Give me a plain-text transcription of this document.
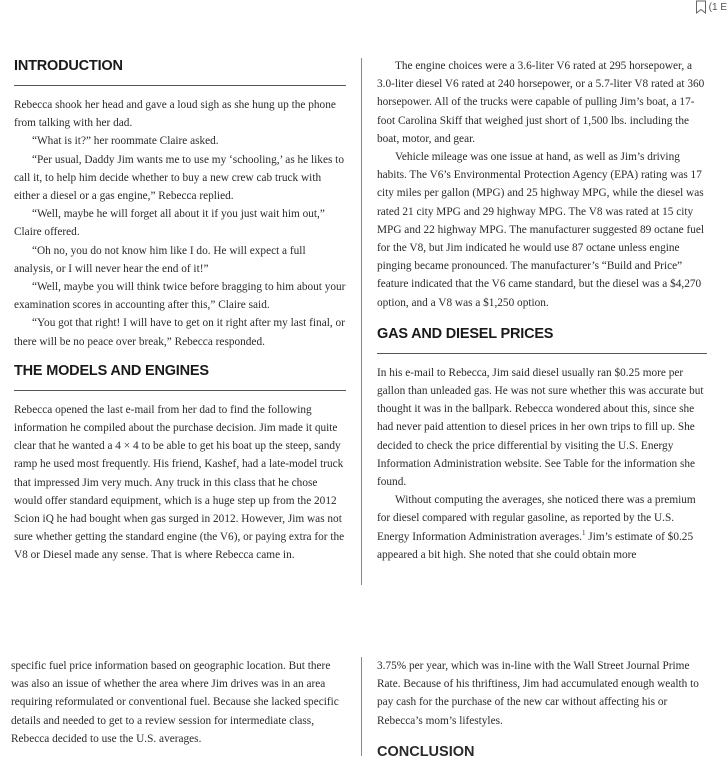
(1 E
INTRODUCTION

Rebecca shook her head and gave a loud sigh as she hung up the phone from talking with her dad.

“What is it?” her roommate Claire asked.

“Per usual, Daddy Jim wants me to use my ‘schooling,’ as he likes to call it, to help him decide whether to buy a new crew cab truck with either a diesel or a gas engine,” Rebecca replied.

“Well, maybe he will forget all about it if you just wait him out,” Claire offered.

“Oh no, you do not know him like I do. He will expect a full analysis, or I will never hear the end of it!”

“Well, maybe you will think twice before bragging to him about your examination scores in accounting after this,” Claire said.

“You got that right! I will have to get on it right after my last final, or there will be no peace over break,” Rebecca responded.

THE MODELS AND ENGINES

Rebecca opened the last e-mail from her dad to find the following information he compiled about the purchase decision. Jim made it quite clear that he wanted a 4 × 4 to be able to get his boat up the steep, sandy ramp he used most frequently. His friend, Kashef, had a late-model truck that impressed Jim very much. Any truck in this class that he chose would offer standard equipment, which is a huge step up from the 2012 Scion iQ he had bought when gas surged in 2012. However, Jim was not sure whether getting the standard engine (the V6), or paying extra for the V8 or Diesel made any sense. That is where Rebecca came in.

The engine choices were a 3.6-liter V6 rated at 295 horsepower, a 3.0-liter diesel V6 rated at 240 horsepower, or a 5.7-liter V8 rated at 360 horsepower. All of the trucks were capable of pulling Jim’s boat, a 17-foot Carolina Skiff that weighed just short of 1,500 lbs. including the boat, motor, and gear.

Vehicle mileage was one issue at hand, as well as Jim’s driving habits. The V6’s Environmental Protection Agency (EPA) rating was 17 city miles per gallon (MPG) and 25 highway MPG, while the diesel was rated 21 city MPG and 29 highway MPG. The V8 was rated at 15 city MPG and 22 highway MPG. The manufacturer suggested 89 octane fuel for the V8, but Jim indicated he would use 87 octane unless engine pinging became pronounced. The manufacturer’s “Build and Price” feature indicated that the V6 came standard, but the diesel was a $4,270 option, and a V8 was a $1,250 option.

GAS AND DIESEL PRICES

In his e-mail to Rebecca, Jim said diesel usually ran $0.25 more per gallon than unleaded gas. He was not sure whether this was accurate but thought it was in the ballpark. Rebecca wondered about this, since she had never paid attention to diesel prices in her own trips to fill up. She decided to check the price differential by visiting the U.S. Energy Information Administration website. See Table for the information she found.

Without computing the averages, she noticed there was a premium for diesel compared with regular gasoline, as reported by the U.S. Energy Information Administration averages.$^1$ Jim’s estimate of $0.25 appeared a bit high. She noted that she could obtain more

specific fuel price information based on geographic location. But there was also an issue of whether the area where Jim drives was in an area requiring reformulated or conventional fuel. Because she lacked specific details and needed to get to a review session for intermediate class, Rebecca decided to use the U.S. averages.

3.75% per year, which was in-line with the Wall Street Journal Prime Rate. Because of his thriftiness, Jim had accumulated enough wealth to pay cash for the purchase of the new car without affecting his or Rebecca’s mom’s lifestyles.

CONCLUSION
